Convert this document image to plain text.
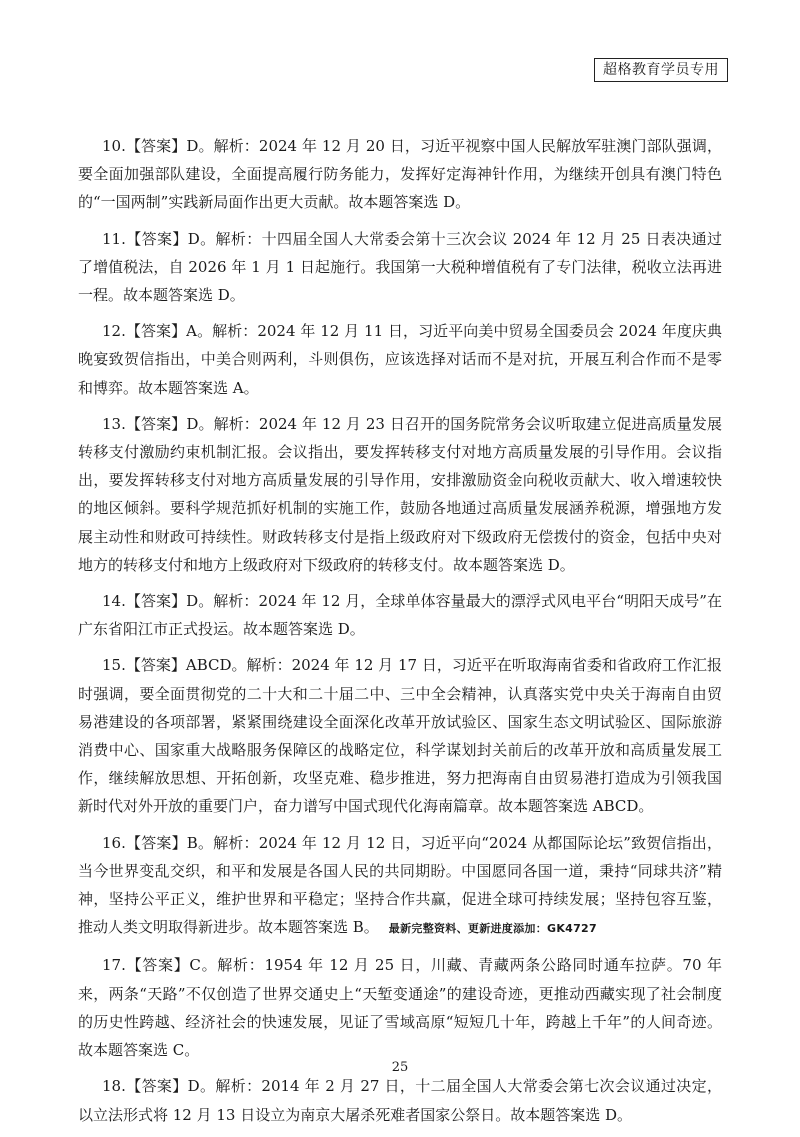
超格教育学员专用

10.【答案】D。解析：2024 年 12 月 20 日，习近平视察中国人民解放军驻澳门部队强调，要全面加强部队建设，全面提高履行防务能力，发挥好定海神针作用，为继续开创具有澳门特色的“一国两制”实践新局面作出更大贡献。故本题答案选 D。

11.【答案】D。解析：十四届全国人大常委会第十三次会议 2024 年 12 月 25 日表决通过了增值税法，自 2026 年 1 月 1 日起施行。我国第一大税种增值税有了专门法律，税收立法再进一程。故本题答案选 D。

12.【答案】A。解析：2024 年 12 月 11 日，习近平向美中贸易全国委员会 2024 年度庆典晚宴致贺信指出，中美合则两利，斗则俱伤，应该选择对话而不是对抗，开展互利合作而不是零和博弈。故本题答案选 A。

13.【答案】D。解析：2024 年 12 月 23 日召开的国务院常务会议听取建立促进高质量发展转移支付激励约束机制汇报。会议指出，要发挥转移支付对地方高质量发展的引导作用。会议指出，要发挥转移支付对地方高质量发展的引导作用，安排激励资金向税收贡献大、收入增速较快的地区倾斜。要科学规范抓好机制的实施工作，鼓励各地通过高质量发展涵养税源，增强地方发展主动性和财政可持续性。财政转移支付是指上级政府对下级政府无偿拨付的资金，包括中央对地方的转移支付和地方上级政府对下级政府的转移支付。故本题答案选 D。

14.【答案】D。解析：2024 年 12 月，全球单体容量最大的漂浮式风电平台“明阳天成号”在广东省阳江市正式投运。故本题答案选 D。

15.【答案】ABCD。解析：2024 年 12 月 17 日，习近平在听取海南省委和省政府工作汇报时强调，要全面贯彻党的二十大和二十届二中、三中全会精神，认真落实党中央关于海南自由贸易港建设的各项部署，紧紧围绕建设全面深化改革开放试验区、国家生态文明试验区、国际旅游消费中心、国家重大战略服务保障区的战略定位，科学谋划封关前后的改革开放和高质量发展工作，继续解放思想、开拓创新，攻坚克难、稳步推进，努力把海南自由贸易港打造成为引领我国新时代对外开放的重要门户，奋力谱写中国式现代化海南篇章。故本题答案选 ABCD。

16.【答案】B。解析：2024 年 12 月 12 日，习近平向“2024 从都国际论坛”致贺信指出，当今世界变乱交织，和平和发展是各国人民的共同期盼。中国愿同各国一道，秉持“同球共济”精神，坚持公平正义，维护世界和平稳定；坚持合作共赢，促进全球可持续发展；坚持包容互鉴，推动人类文明取得新进步。故本题答案选 B。 最新完整资料、更新进度添加：GK4727

17.【答案】C。解析：1954 年 12 月 25 日，川藏、青藏两条公路同时通车拉萨。70 年来，两条“天路”不仅创造了世界交通史上“天堑变通途”的建设奇迹，更推动西藏实现了社会制度的历史性跨越、经济社会的快速发展，见证了雪域高原“短短几十年，跨越上千年”的人间奇迹。故本题答案选 C。

18.【答案】D。解析：2014 年 2 月 27 日，十二届全国人大常委会第七次会议通过决定，以立法形式将 12 月 13 日设立为南京大屠杀死难者国家公祭日。故本题答案选 D。

25
